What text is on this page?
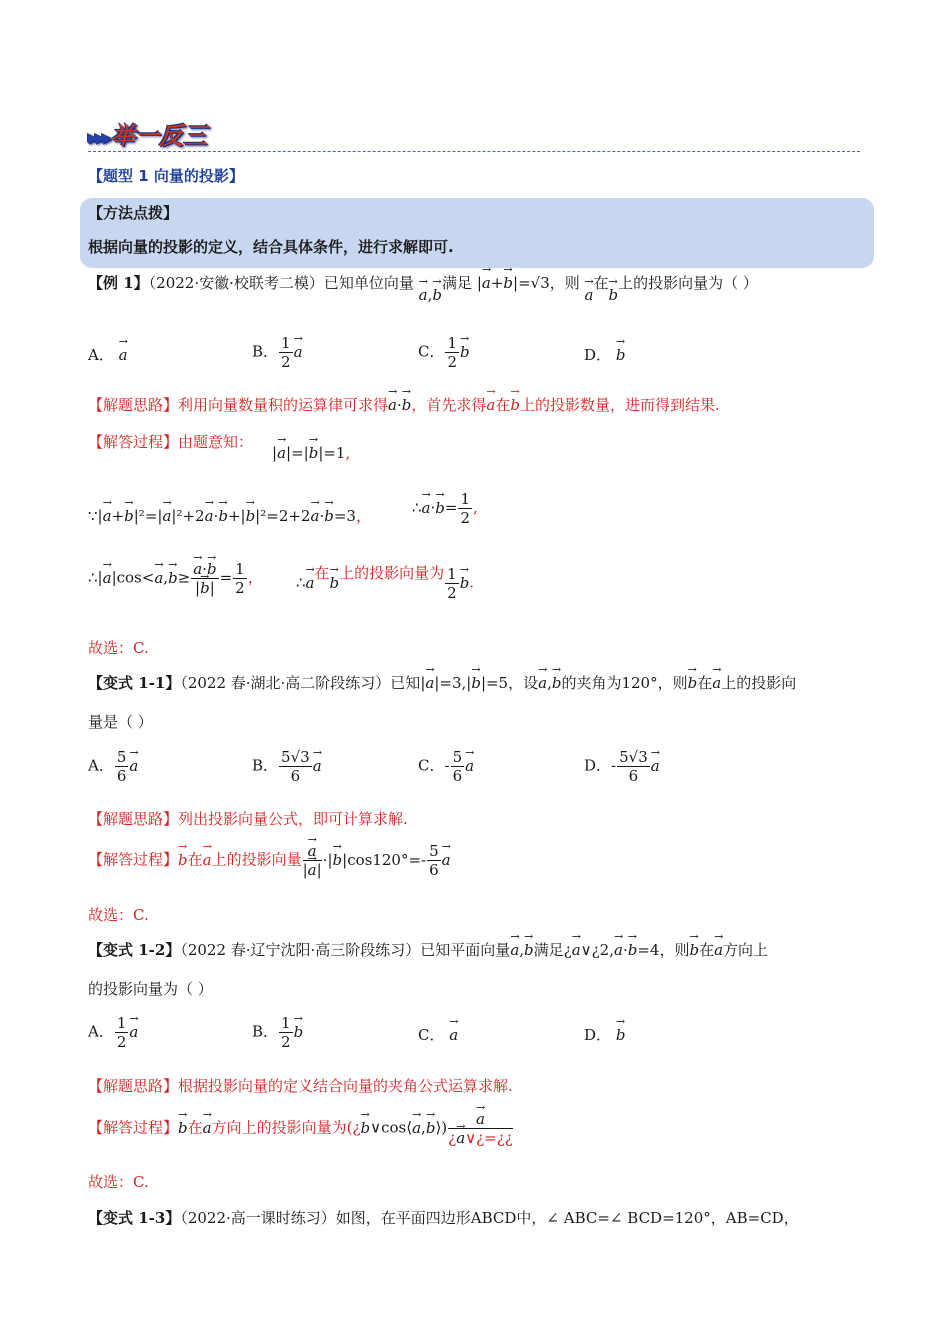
▸▸▸举一反三
【题型 1 向量的投影】
【方法点拨】
根据向量的投影的定义，结合具体条件，进行求解即可.
【例 1】（2022·安徽·校联考二模）已知单位向量 → a,→ b满足 |→ a+→ b|=√3，则 → a在→ b上的投影向量为（ ）
A． → a	B． $\frac{1}{2}$
→ a	C． $\frac{1}{2}$
→ b	D． → b
【解题思路】利用向量数量积的运算律可求得→ a·→ b，首先求得→ a在→ b上的投影数量，进而得到结果.
【解答过程】由题意知：
|→ a|=|→ b|=1,
∵|→ a+→ b|²=|→ a|²+2→ a·→ b+|→ b|²=2+2→ a·→ b=3，	∴→ $a\cdot\to b= \frac{1}{2}$ ,
∴|→ a|cos<→ a,→ b≥
→ $\frac{a\cdot\to b}{|\to b|} = \frac{1}{2}$ ， ∴→ a在→ b上的投影向量为 $\frac{1}{2}$
→ b.
故选：C.
【变式 1-1】（2022 春·湖北·高二阶段练习）已知|→ a|=3,|→ b|=5，设→ a,→ b的夹角为120°，则→ b在→ a上的投影向
量是（ ）
A． $\frac{5}{6}$
→ a	B． $\frac{5√3}{6}$
→ a	C．- $\frac{5}{6}$
→ a	D．- $\frac{5√3}{6}$
→ a
【解题思路】列出投影向量公式，即可计算求解.
【解答过程】→ b在→ a上的投影向量
→ $\frac{a}{|\to a|}$ ·|→ $b|\cos 120^\circ=- \frac{5}{6}$
→ a
故选：C.
【变式 1-2】（2022 春·辽宁沈阳·高三阶段练习）已知平面向量→ a,→ b满足¿→ a∨¿2,→ a·→ b=4，则→ b在→ a方向上
的投影向量为（ ）
A． $\frac{1}{2}$
→ a	B． $\frac{1}{2}$
→ b	C． → a	D． → b
【解题思路】根据投影向量的定义结合向量的夹角公式运算求解.
【解答过程】→ b在→ a方向上的投影向量为(¿→ b∨cos⟨→ a,→ b⟩)
→ $\frac{a}{¿\to a\vee¿=¿¿}$
故选：C.
【变式 1-3】（2022·高一课时练习）如图，在平面四边形ABCD中，∠ ABC=∠ BCD=120°，AB=CD，
